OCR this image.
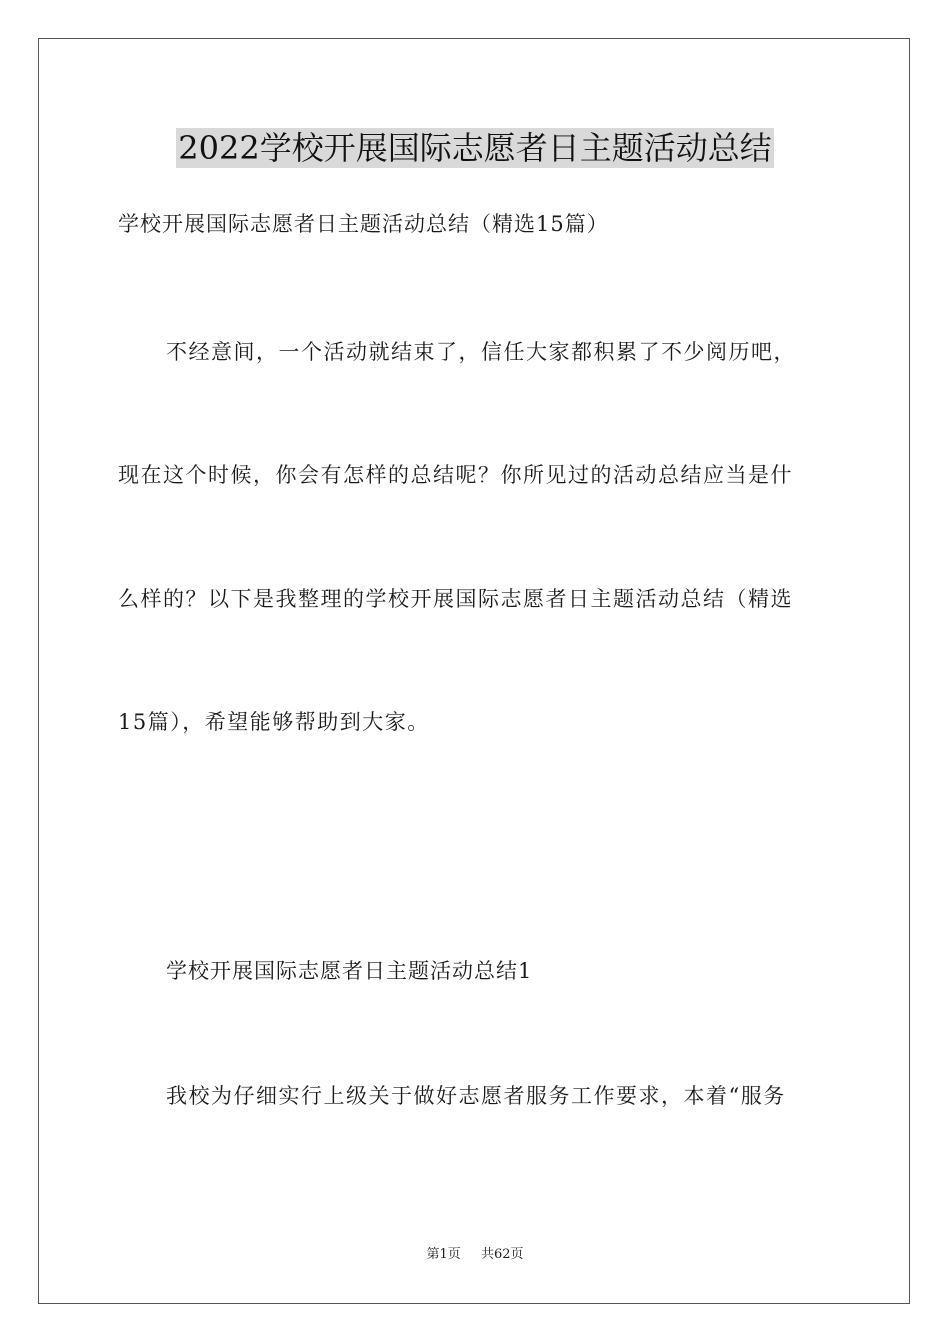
2022学校开展国际志愿者日主题活动总结
学校开展国际志愿者日主题活动总结（精选15篇）
不经意间，一个活动就结束了，信任大家都积累了不少阅历吧，
现在这个时候，你会有怎样的总结呢？你所见过的活动总结应当是什
么样的？以下是我整理的学校开展国际志愿者日主题活动总结（精选
15篇），希望能够帮助到大家。
学校开展国际志愿者日主题活动总结1
我校为仔细实行上级关于做好志愿者服务工作要求，本着“服务
第1页 共62页
